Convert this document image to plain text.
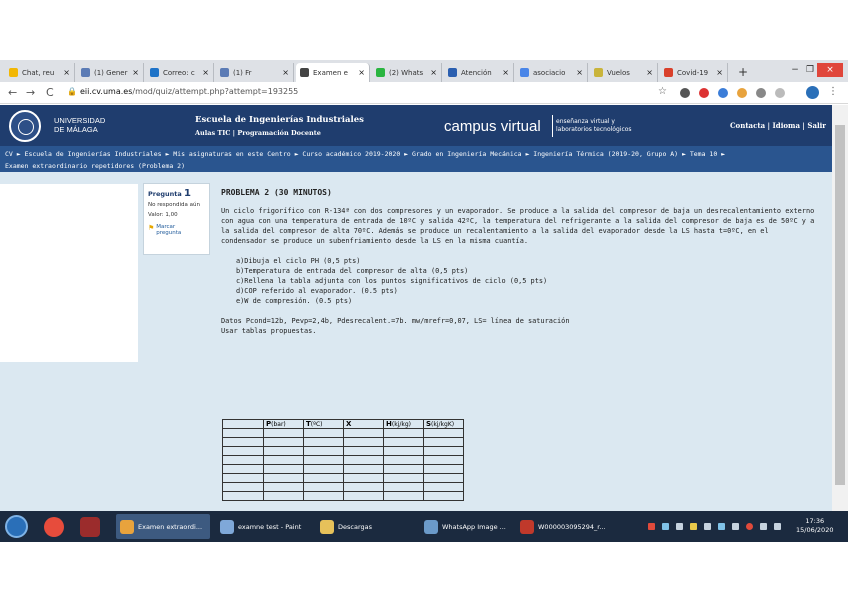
Chat, reu	×	(1) Gener ×	Correo: c ×	(1) Fr	×	Examen e	×	(2) Whats ×	Atención	×	asociacio	×	Vuelos	×	Covid-19	× +	− ❐	×
← → C 🔒 eii.cv.uma.es/mod/quiz/attempt.php?attempt=193255	☆	⋮
UNIVERSIDAD
DE MÁLAGA
Escuela de Ingenierías Industriales
Aulas TIC | Programación Docente	campus virtual	enseñanza virtual y
laboratorios tecnológicos	Contacta | Idioma | Salir
CV ► Escuela de Ingenierías Industriales ► Mis asignaturas en este Centro ► Curso académico 2019-2020 ► Grado en Ingeniería Mecánica ► Ingeniería Térmica (2019-20, Grupo A) ► Tema 10 ►
Examen extraordinario repetidores (Problema 2)
Pregunta 1
No respondida aún
Valor: 1,00
⚑ Marcar
pregunta
PROBLEMA 2 (30 MINUTOS)
Un ciclo frigorífico con R-134ª con dos compresores y un evaporador. Se produce a la salida del compresor de baja un desrecalentamiento externo con agua con una temperatura de entrada de 10ºC y salida 42ºC, la temperatura del refrigerante a la salida del compresor de baja es de 50ºC y a la salida del compresor de alta 70ºC. Además se produce un recalentamiento a la salida del evaporador desde la LS hasta t=0ºC, en el condensador se produce un subenfriamiento desde la LS en la misma cuantía.
a)Dibuja el ciclo PH (0,5 pts)
b)Temperatura de entrada del compresor de alta (0,5 pts)
c)Rellena la tabla adjunta con los puntos significativos de ciclo (0,5 pts)
d)COP referido al evaporador. (0.5 pts)
e)W de compresión. (0.5 pts)
Datos Pcond=12b, Pevp=2,4b, Pdesrecalent.=7b. mw/mrefr=0,07, LS= línea de saturación
Usar tablas propuestas.
	P(bar)	T(ºC)	X	H(kj/kg)	S(kj/kgK)

17:36
15/06/2020
Examen extraordi...	examne test - Paint	Descargas	WhatsApp Image ...	W000003095294_r...
